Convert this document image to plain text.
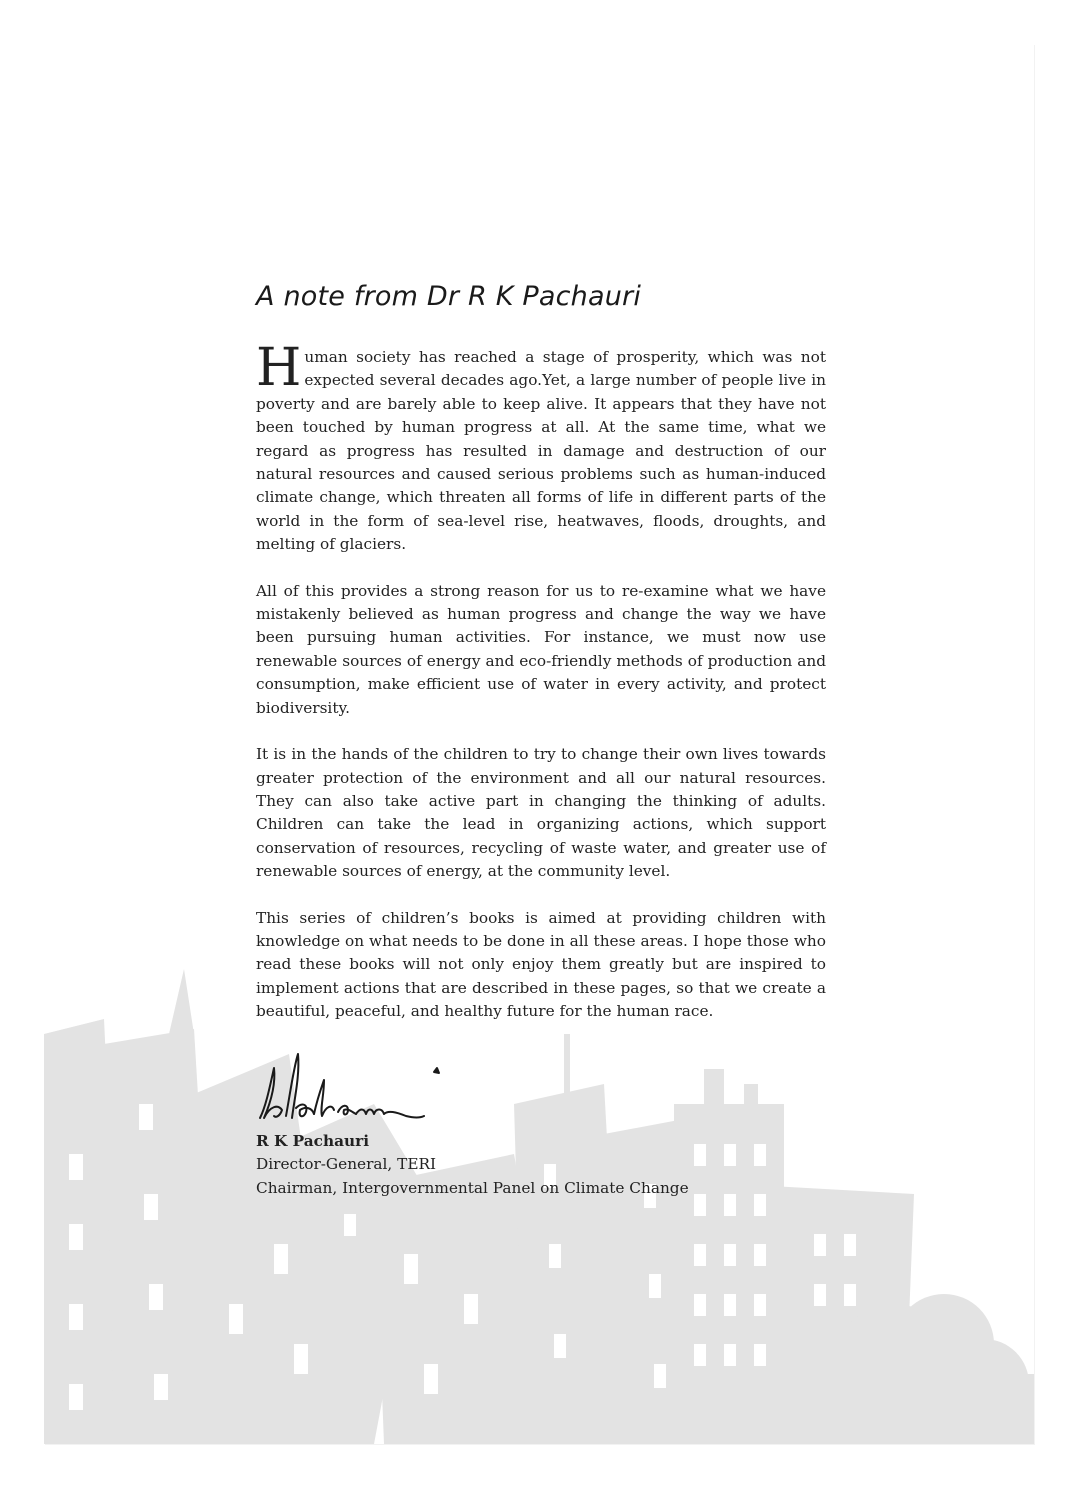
A note from Dr R K Pachauri

Human society has reached a stage of prosperity, which was not expected several decades ago.Yet, a large number of people live in poverty and are barely able to keep alive. It appears that they have not been touched by human progress at all. At the same time, what we regard as progress has resulted in damage and destruction of our natural resources and caused serious problems such as human-induced climate change, which threaten all forms of life in different parts of the world in the form of sea-level rise, heatwaves, floods, droughts, and melting of glaciers.

All of this provides a strong reason for us to re-examine what we have mistakenly believed as human progress and change the way we have been pursuing human activities. For instance, we must now use renewable sources of energy and eco-friendly methods of production and consumption, make efficient use of water in every activity, and protect biodiversity.

It is in the hands of the children to try to change their own lives towards greater protection of the environment and all our natural resources. They can also take active part in changing the thinking of adults. Children can take the lead in organizing actions, which support conservation of resources, recycling of waste water, and greater use of renewable sources of energy, at the community level.

This series of children’s books is aimed at providing children with knowledge on what needs to be done in all these areas. I hope those who read these books will not only enjoy them greatly but are inspired to implement actions that are described in these pages, so that we create a beautiful, peaceful, and healthy future for the human race.

R K Pachauri
Director-General, TERI
Chairman, Intergovernmental Panel on Climate Change
